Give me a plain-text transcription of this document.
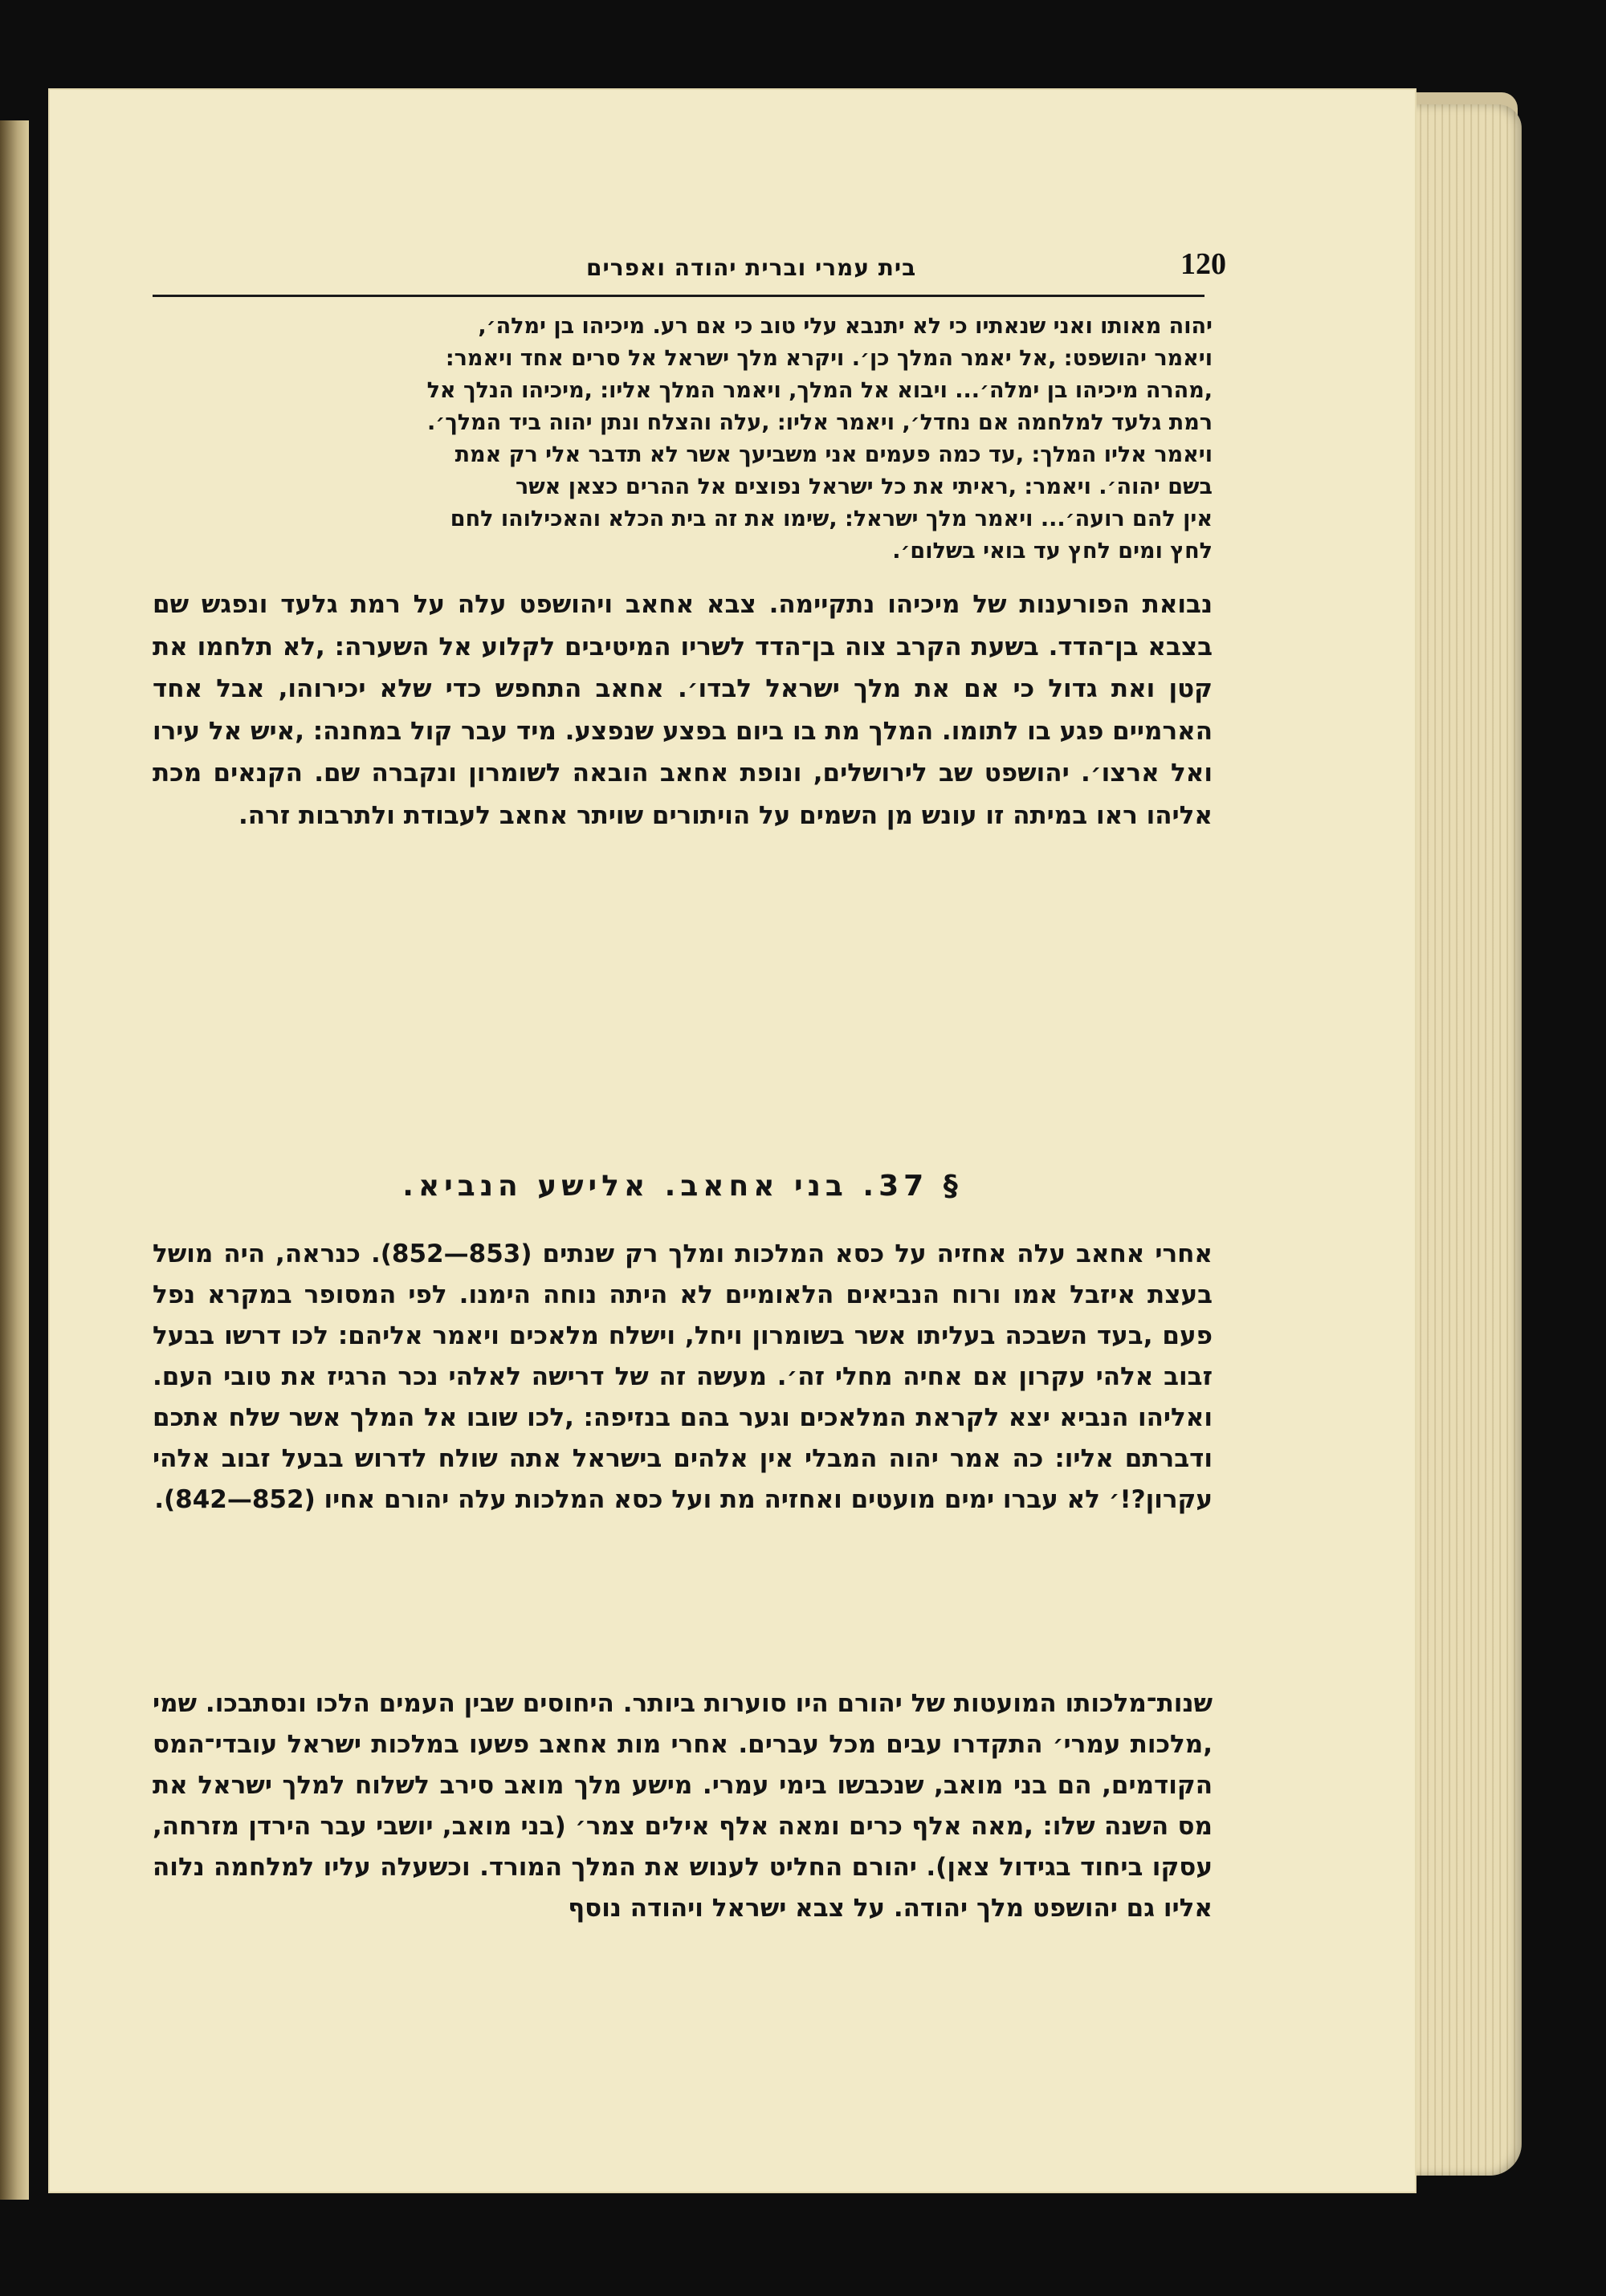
בית עמרי וברית יהודה ואפרים	120

יהוה מאותו ואני שנאתיו כי לא יתנבא עלי טוב כי אם רע. מיכיהו בן ימלה׳,

ויאמר יהושפט: ,אל יאמר המלך כן׳. ויקרא מלך ישראל אל סרים אחד ויאמר:

,מהרה מיכיהו בן ימלה׳... ויבוא אל המלך, ויאמר המלך אליו: ,מיכיהו הנלך אל

רמת גלעד למלחמה אם נחדל׳, ויאמר אליו: ,עלה והצלח ונתן יהוה ביד המלך׳.

ויאמר אליו המלך: ,עד כמה פעמים אני משביעך אשר לא תדבר אלי רק אמת

בשם יהוה׳. ויאמר: ,ראיתי את כל ישראל נפוצים אל ההרים כצאן אשר

אין להם רועה׳... ויאמר מלך ישראל: ,שימו את זה בית הכלא והאכילוהו לחם

לחץ ומים לחץ עד בואי בשלום׳.

נבואת הפורענות של מיכיהו נתקיימה. צבא אחאב ויהושפט עלה על רמת גלעד ונפגש שם בצבא בן־הדד. בשעת הקרב צוה בן־הדד לשריו המיטיבים לקלוע אל השערה: ,לא תלחמו את קטן ואת גדול כי אם את מלך ישראל לבדו׳. אחאב התחפש כדי שלא יכירוהו, אבל אחד הארמיים פגע בו לתומו. המלך מת בו ביום בפצע שנפצע. מיד עבר קול במחנה: ,איש אל עירו ואל ארצו׳. יהושפט שב לירושלים, ונופת אחאב הובאה לשומרון ונקברה שם. הקנאים מכת אליהו ראו במיתה זו עונש מן השמים על הויתורים שויתר אחאב לעבודת ולתרבות זרה.

§ 37. בני אחאב. אלישע הנביא.

אחרי אחאב עלה אחזיה על כסא המלכות ומלך רק שנתים (853—852). כנראה, היה מושל בעצת איזבל אמו ורוח הנביאים הלאומיים לא היתה נוחה הימנו. לפי המסופר במקרא נפל פעם ,בעד השבכה בעליתו אשר בשומרון ויחל, וישלח מלאכים ויאמר אליהם: לכו דרשו בבעל זבוב אלהי עקרון אם אחיה מחלי זה׳. מעשה זה של דרישה לאלהי נכר הרגיז את טובי העם. ואליהו הנביא יצא לקראת המלאכים וגער בהם בנזיפה: ,לכו שובו אל המלך אשר שלח אתכם ודברתם אליו: כה אמר יהוה המבלי אין אלהים בישראל אתה שולח לדרוש בבעל זבוב אלהי עקרון?!׳ לא עברו ימים מועטים ואחזיה מת ועל כסא המלכות עלה יהורם אחיו (852—842).

שנות־מלכותו המועטות של יהורם היו סוערות ביותר. היחוסים שבין העמים הלכו ונסתבכו. שמי ,מלכות עמרי׳ התקדרו עבים מכל עברים. אחרי מות אחאב פשעו במלכות ישראל עובדי־המס הקודמים, הם בני מואב, שנכבשו בימי עמרי. מישע מלך מואב סירב לשלוח למלך ישראל את מס השנה שלו: ,מאה אלף כרים ומאה אלף אילים צמר׳ (בני מואב, יושבי עבר הירדן מזרחה, עסקו ביחוד בגידול צאן). יהורם החליט לענוש את המלך המורד. וכשעלה עליו למלחמה נלוה אליו גם יהושפט מלך יהודה. על צבא ישראל ויהודה נוסף
